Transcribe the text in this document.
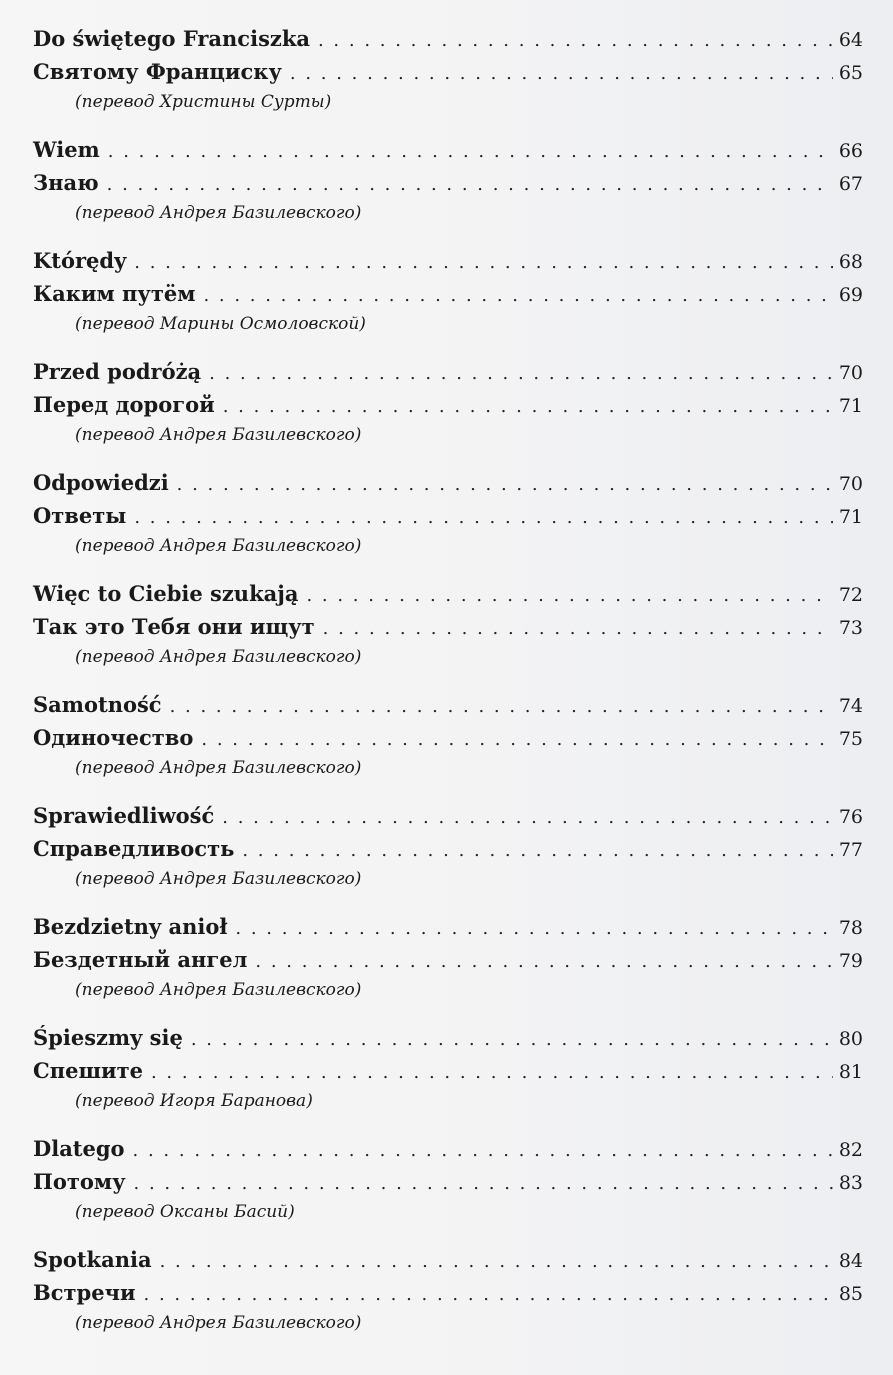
Do świętego Franciszka . . .	64
Святому Франциску . . .	65
(перевод Христины Сурты)
Wiem . . .	66
Знаю . . .	67
(перевод Андрея Базилевского)
Którędy . . .	68
Каким путём . . .	69
(перевод Марины Осмоловской)
Przed podróżą . . .	70
Перед дорогой . . .	71
(перевод Андрея Базилевского)
Odpowiedzi . . .	70
Ответы . . .	71
(перевод Андрея Базилевского)
Więc to Ciebie szukają . . .	72
Так это Тебя они ищут . . .	73
(перевод Андрея Базилевского)
Samotność . . .	74
Одиночество . . .	75
(перевод Андрея Базилевского)
Sprawiedliwość . . .	76
Справедливость . . .	77
(перевод Андрея Базилевского)
Bezdzietny anioł . . .	78
Бездетный ангел . . .	79
(перевод Андрея Базилевского)
Śpieszmy się . . .	80
Спешите . . .	81
(перевод Игоря Баранова)
Dlatego . . .	82
Потому . . .	83
(перевод Оксаны Басий)
Spotkania . . .	84
Встречи . . .	85
(перевод Андрея Базилевского)
